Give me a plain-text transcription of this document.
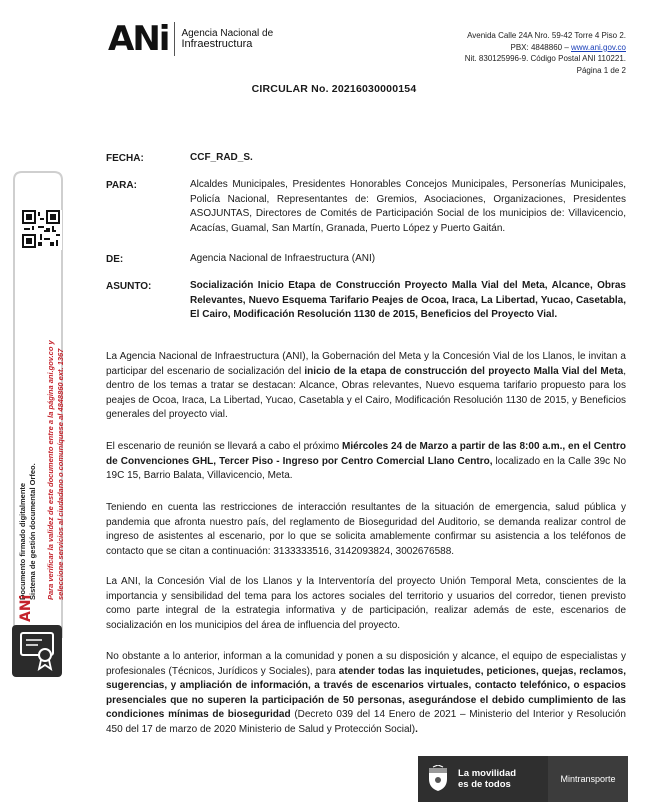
ANi Agencia Nacional de
Infraestructura
Avenida Calle 24A Nro. 59-42 Torre 4 Piso 2.
PBX: 4848860 – www.ani.gov.co
Nit. 830125996-9. Código Postal ANI 110221.
Página 1 de 2
CIRCULAR No. 20216030000154
FECHA:	CCF_RAD_S.
PARA:	Alcaldes Municipales, Presidentes Honorables Concejos Municipales, Personerías Municipales, Policía Nacional, Representantes de: Gremios, Asociaciones, Organizaciones, Presidentes ASOJUNTAS, Directores de Comités de Participación Social de los municipios de: Villavicencio, Acacías, Guamal, San Martín, Granada, Puerto López y Puerto Gaitán.
DE:	Agencia Nacional de Infraestructura (ANI)
ASUNTO:	Socialización Inicio Etapa de Construcción Proyecto Malla Vial del Meta, Alcance, Obras Relevantes, Nuevo Esquema Tarifario Peajes de Ocoa, Iraca, La Libertad, Yucao, Casetabla, El Cairo, Modificación Resolución 1130 de 2015, Beneficios del Proyecto Vial.
La Agencia Nacional de Infraestructura (ANI), la Gobernación del Meta y la Concesión Vial de los Llanos, le invitan a participar del escenario de socialización del inicio de la etapa de construcción del proyecto Malla Vial del Meta, dentro de los temas a tratar se destacan: Alcance, Obras relevantes, Nuevo esquema tarifario propuesto para los peajes de Ocoa, Iraca, La Libertad, Yucao, Casetabla y el Cairo, Modificación Resolución 1130 de 2015, y Beneficios generales del proyecto vial.
El escenario de reunión se llevará a cabo el próximo Miércoles 24 de Marzo a partir de las 8:00 a.m., en el Centro de Convenciones GHL, Tercer Piso - Ingreso por Centro Comercial Llano Centro, localizado en la Calle 39c No 19C 15, Barrio Balata, Villavicencio, Meta.
Teniendo en cuenta las restricciones de interacción resultantes de la situación de emergencia, salud pública y pandemia que afronta nuestro país, del reglamento de Bioseguridad del Auditorio, se demanda realizar control de ingreso de asistentes al escenario, por lo que se solicita amablemente confirmar su asistencia a los teléfonos de contacto que se citan a continuación: 3133333516, 3142093824, 3002676588.
La ANI, la Concesión Vial de los Llanos y la Interventoría del proyecto Unión Temporal Meta, conscientes de la importancia y sensibilidad del tema para los actores sociales del territorio y usuarios del corredor, tienen previsto como parte integral de la estrategia informativa y de participación, realizar además de este, escenarios de socialización en los municipios del área de influencia del proyecto.
No obstante a lo anterior, informan a la comunidad y ponen a su disposición y alcance, el equipo de especialistas y profesionales (Técnicos, Jurídicos y Sociales), para atender todas las inquietudes, peticiones, quejas, reclamos, sugerencias, y ampliación de información, a través de escenarios virtuales, contacto telefónico, o espacios presenciales que no superen la participación de 50 personas, asegurándose el debido cumplimiento de las condiciones mínimas de bioseguridad (Decreto 039 del 14 Enero de 2021 – Ministerio del Interior y Resolución 450 del 17 de marzo de 2020 Ministerio de Salud y Protección Social).
Documento firmado digitalmente Sistema de gestión documental Orfeo. Para verificar la validez de este documento entre a la página ani.gov.co y seleccione servicios al ciudadano o comuníquese al 4848860 ext. 1367
ANi
La movilidad
es de todos	Mintransporte
